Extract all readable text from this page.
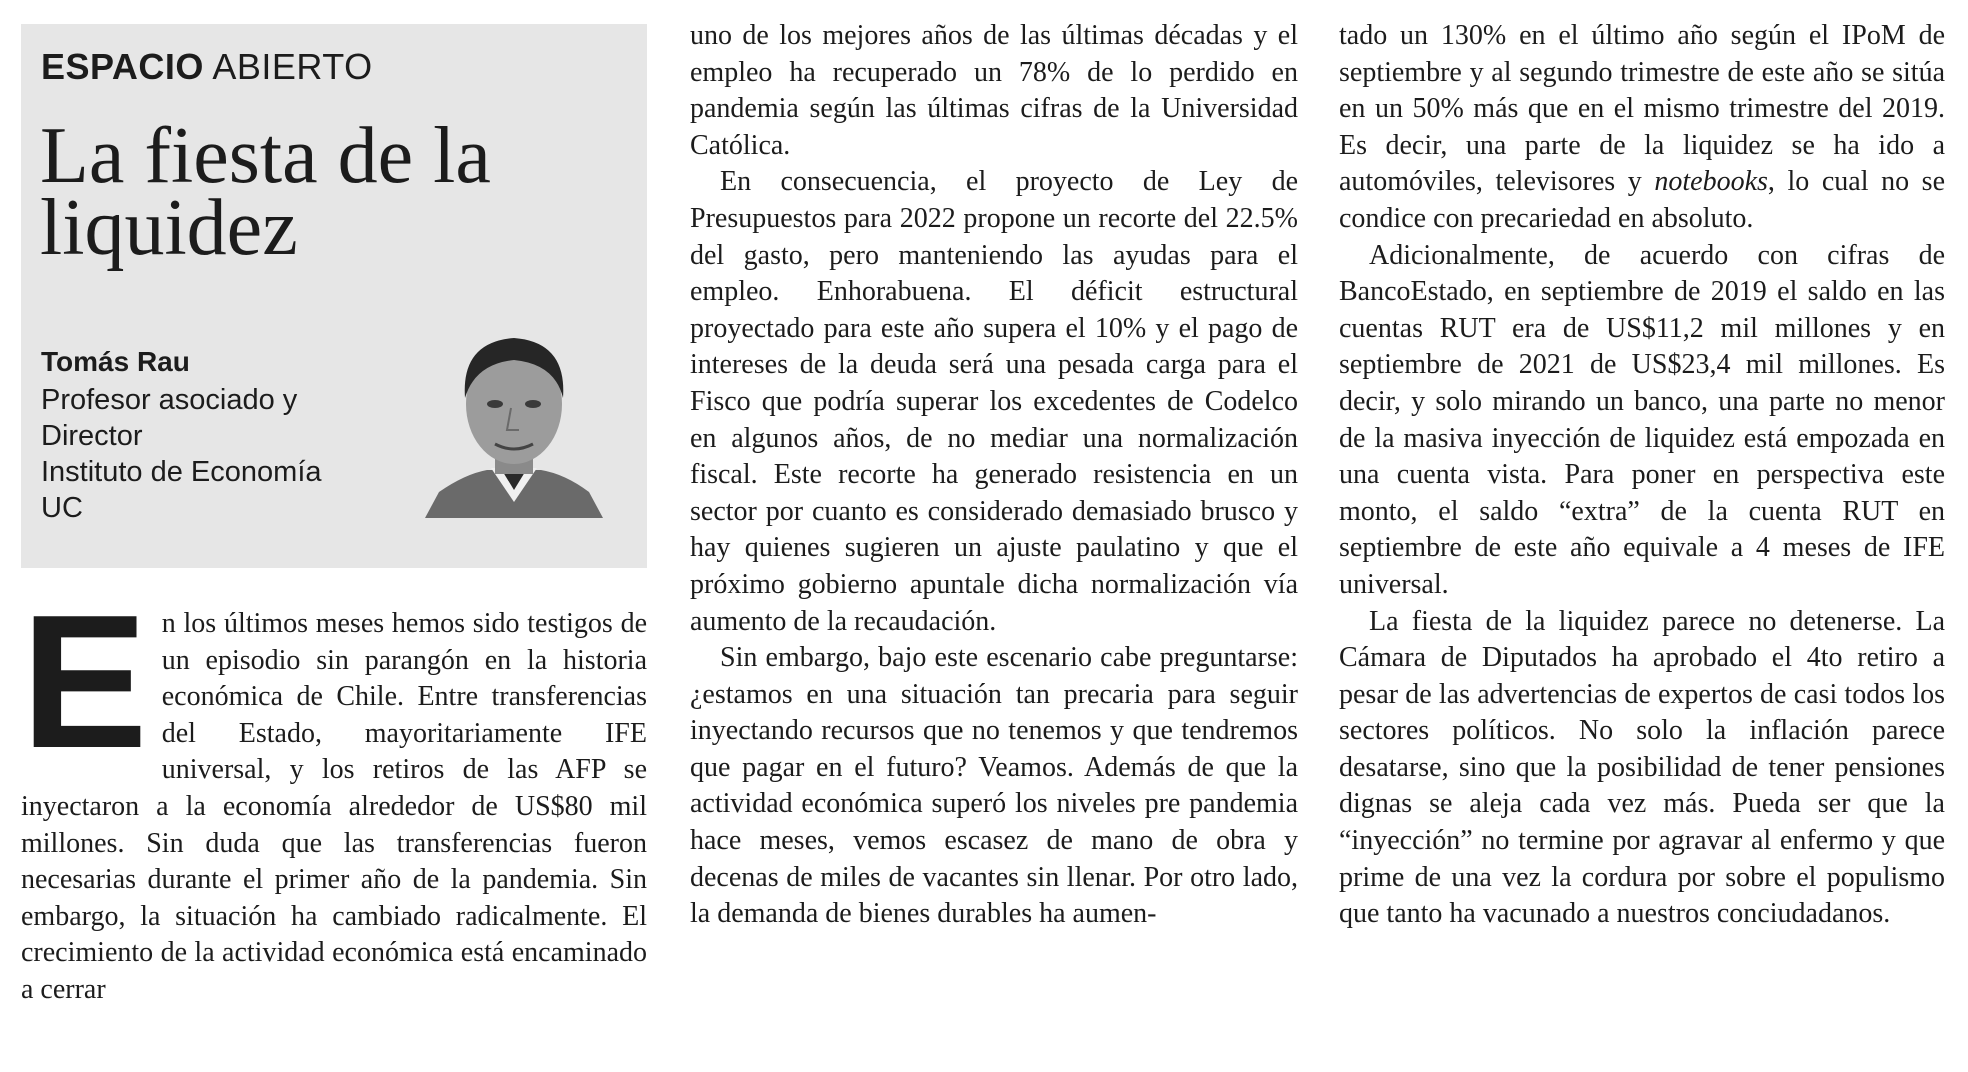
ESPACIO ABIERTO
La fiesta de la liquidez
Tomás Rau
Profesor asociado y
Director
Instituto de Economía UC
E n los últimos meses hemos sido testigos de un episodio sin parangón en la historia económica de Chile. Entre transferencias del Estado, mayoritariamente IFE universal, y los retiros de las AFP se inyectaron a la economía alrededor de US$80 mil millones. Sin duda que las transferencias fueron necesarias durante el primer año de la pandemia. Sin embargo, la situación ha cambiado radicalmente. El crecimiento de la actividad económica está encaminado a cerrar

uno de los mejores años de las últimas décadas y el empleo ha recuperado un 78% de lo perdido en pandemia según las últimas cifras de la Universidad Católica.

En consecuencia, el proyecto de Ley de Presupuestos para 2022 propone un recorte del 22.5% del gasto, pero manteniendo las ayudas para el empleo. Enhorabuena. El déficit estructural proyectado para este año supera el 10% y el pago de intereses de la deuda será una pesada carga para el Fisco que podría superar los excedentes de Codelco en algunos años, de no mediar una normalización fiscal. Este recorte ha generado resistencia en un sector por cuanto es considerado demasiado brusco y hay quienes sugieren un ajuste paulatino y que el próximo gobierno apuntale dicha normalización vía aumento de la recaudación.

Sin embargo, bajo este escenario cabe preguntarse: ¿estamos en una situación tan precaria para seguir inyectando recursos que no tenemos y que tendremos que pagar en el futuro? Veamos. Además de que la actividad económica superó los niveles pre pandemia hace meses, vemos escasez de mano de obra y decenas de miles de vacantes sin llenar. Por otro lado, la demanda de bienes durables ha aumen-

tado un 130% en el último año según el IPoM de septiembre y al segundo trimestre de este año se sitúa en un 50% más que en el mismo trimestre del 2019. Es decir, una parte de la liquidez se ha ido a automóviles, televisores y notebooks, lo cual no se condice con precariedad en absoluto.

Adicionalmente, de acuerdo con cifras de BancoEstado, en septiembre de 2019 el saldo en las cuentas RUT era de US$11,2 mil millones y en septiembre de 2021 de US$23,4 mil millones. Es decir, y solo mirando un banco, una parte no menor de la masiva inyección de liquidez está empozada en una cuenta vista. Para poner en perspectiva este monto, el saldo “extra” de la cuenta RUT en septiembre de este año equivale a 4 meses de IFE universal.

La fiesta de la liquidez parece no detenerse. La Cámara de Diputados ha aprobado el 4to retiro a pesar de las advertencias de expertos de casi todos los sectores políticos. No solo la inflación parece desatarse, sino que la posibilidad de tener pensiones dignas se aleja cada vez más. Pueda ser que la “inyección” no termine por agravar al enfermo y que prime de una vez la cordura por sobre el populismo que tanto ha vacunado a nuestros conciudadanos.
